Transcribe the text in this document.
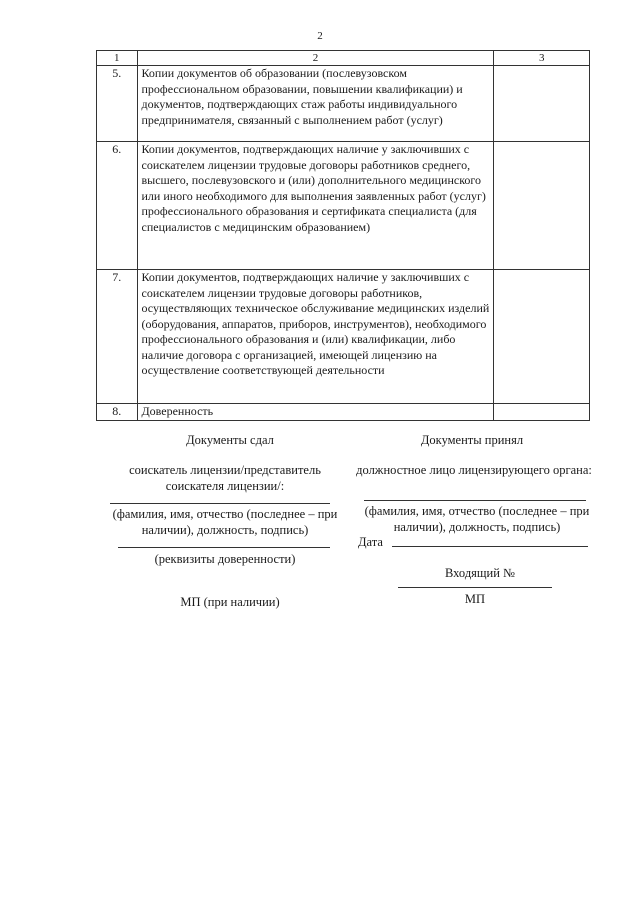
2
1	2	3
5.	Копии документов об образовании (послевузовском профессиональном образовании, повышении квалификации) и документов, подтверждающих стаж работы индивидуального предпринимателя, связанный с выполнением работ (услуг)	
6.	Копии документов, подтверждающих наличие у заключивших с соискателем лицензии трудовые договоры работников среднего, высшего, послевузовского и (или) дополнительного медицинского или иного необходимого для выполнения заявленных работ (услуг) профессионального образования и сертификата специалиста (для специалистов с медицинским образованием)	
7.	Копии документов, подтверждающих наличие у заключивших с соискателем лицензии трудовые договоры работников, осуществляющих техническое обслуживание медицинских изделий (оборудования, аппаратов, приборов, инструментов), необходимого профессионального образования и (или) квалификации, либо наличие договора с организацией, имеющей лицензию на осуществление соответствующей деятельности	
8.	Доверенность	
Документы сдал
соискатель лицензии/представитель соискателя лицензии/:
(фамилия, имя, отчество (последнее – при наличии), должность, подпись)
(реквизиты доверенности)
МП (при наличии)
Документы принял
должностное лицо лицензирующего органа:
(фамилия, имя, отчество (последнее – при наличии), должность, подпись)
Дата
Входящий №
МП
